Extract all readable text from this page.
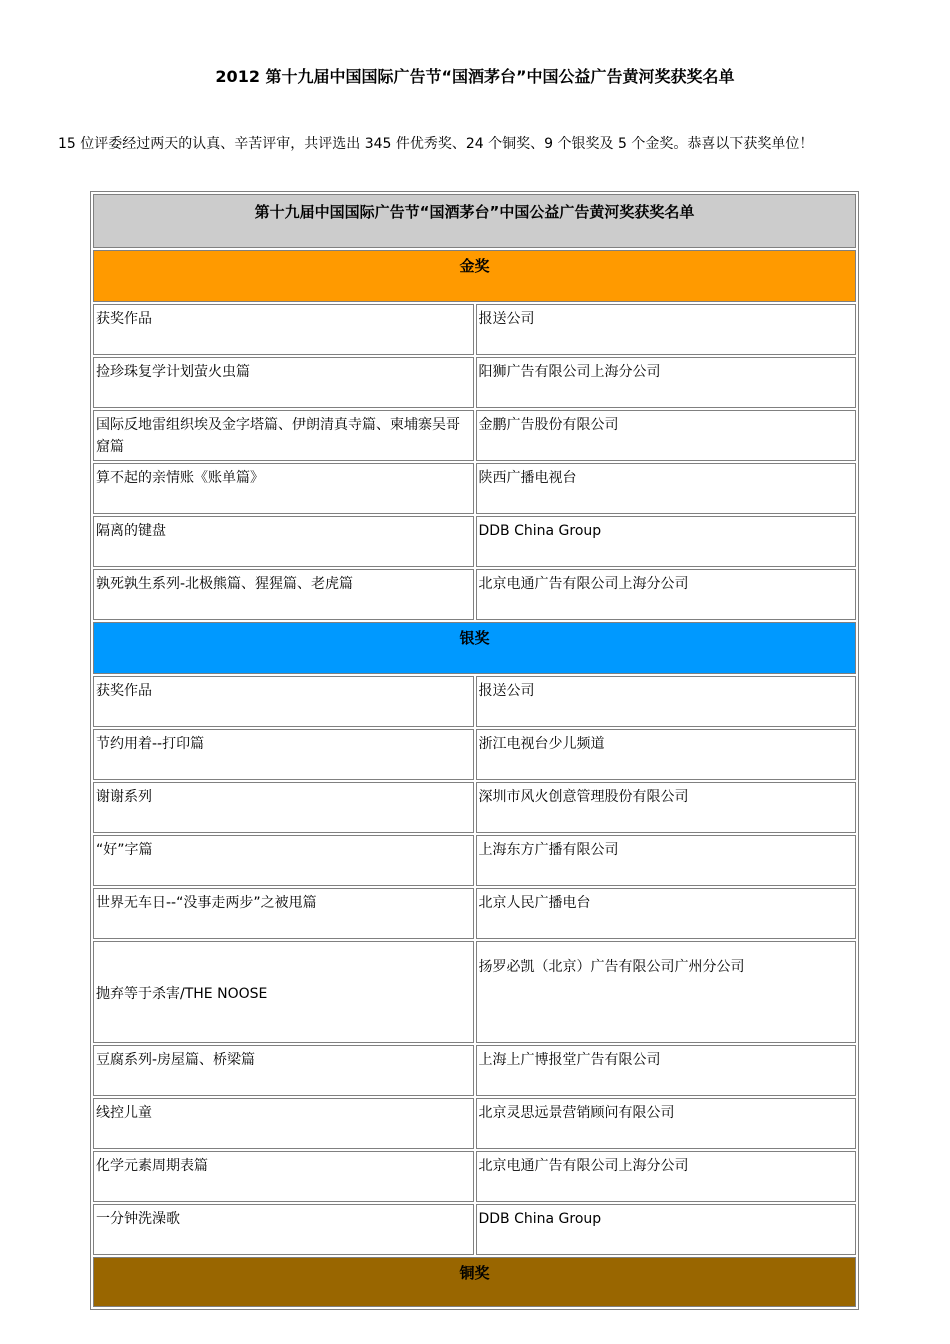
2012 第十九届中国国际广告节“国酒茅台”中国公益广告黄河奖获奖名单
15 位评委经过两天的认真、辛苦评审，共评选出 345 件优秀奖、24 个铜奖、9 个银奖及 5 个金奖。恭喜以下获奖单位！
第十九届中国国际广告节“国酒茅台”中国公益广告黄河奖获奖名单	
金奖	
获奖作品	报送公司
捡珍珠复学计划萤火虫篇	阳狮广告有限公司上海分公司
国际反地雷组织埃及金字塔篇、伊朗清真寺篇、柬埔寨吴哥窟篇	金鹏广告股份有限公司
算不起的亲情账《账单篇》	陕西广播电视台
隔离的键盘	DDB China Group
孰死孰生系列-北极熊篇、猩猩篇、老虎篇	北京电通广告有限公司上海分公司
银奖	
获奖作品	报送公司
节约用着--打印篇	浙江电视台少儿频道
谢谢系列	深圳市风火创意管理股份有限公司
“好”字篇	上海东方广播有限公司
世界无车日--“没事走两步”之被甩篇	北京人民广播电台
抛弃等于杀害/THE NOOSE	扬罗必凯（北京）广告有限公司广州分公司
豆腐系列-房屋篇、桥梁篇	上海上广博报堂广告有限公司
线控儿童	北京灵思远景营销顾问有限公司
化学元素周期表篇	北京电通广告有限公司上海分公司
一分钟洗澡歌	DDB China Group
铜奖	
